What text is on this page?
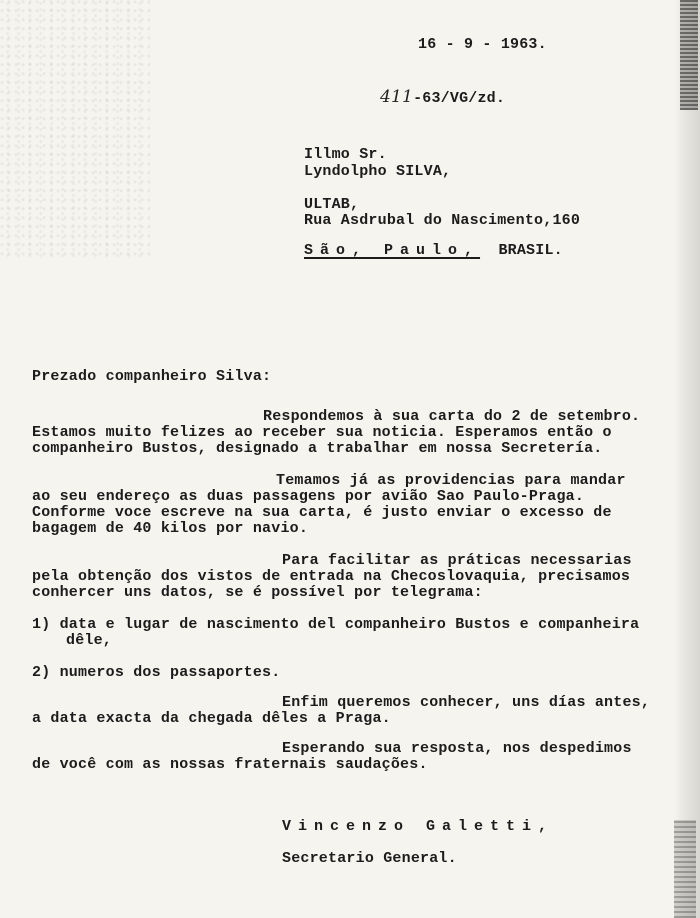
16 - 9 - 1963.
411-63/VG/zd.
Illmo Sr.
Lyndolpho SILVA,
ULTAB,
Rua Asdrubal do Nascimento,160
São, Paulo, BRASIL.
Prezado companheiro Silva:
Respondemos à sua carta do 2 de setembro.
Estamos muito felizes ao receber sua noticia. Esperamos então o
companheiro Bustos, designado a trabalhar em nossa Secretería.
Temamos já as providencias para mandar
ao seu endereço as duas passagens por avião Sao Paulo-Praga.
Conforme voce escreve na sua carta, é justo enviar o excesso de
bagagem de 40 kilos por navio.
Para facilitar as práticas necessarias
pela obtenção dos vistos de entrada na Checoslovaquia, precisamos
conhercer uns datos, se é possível por telegrama:
1) data e lugar de nascimento del companheiro Bustos e companheira
dêle,
2) numeros dos passaportes.
Enfim queremos conhecer, uns días antes,
a data exacta da chegada dêles a Praga.
Esperando sua resposta, nos despedimos
de você com as nossas fraternais saudações.
Vincenzo Galetti,
Secretario General.
